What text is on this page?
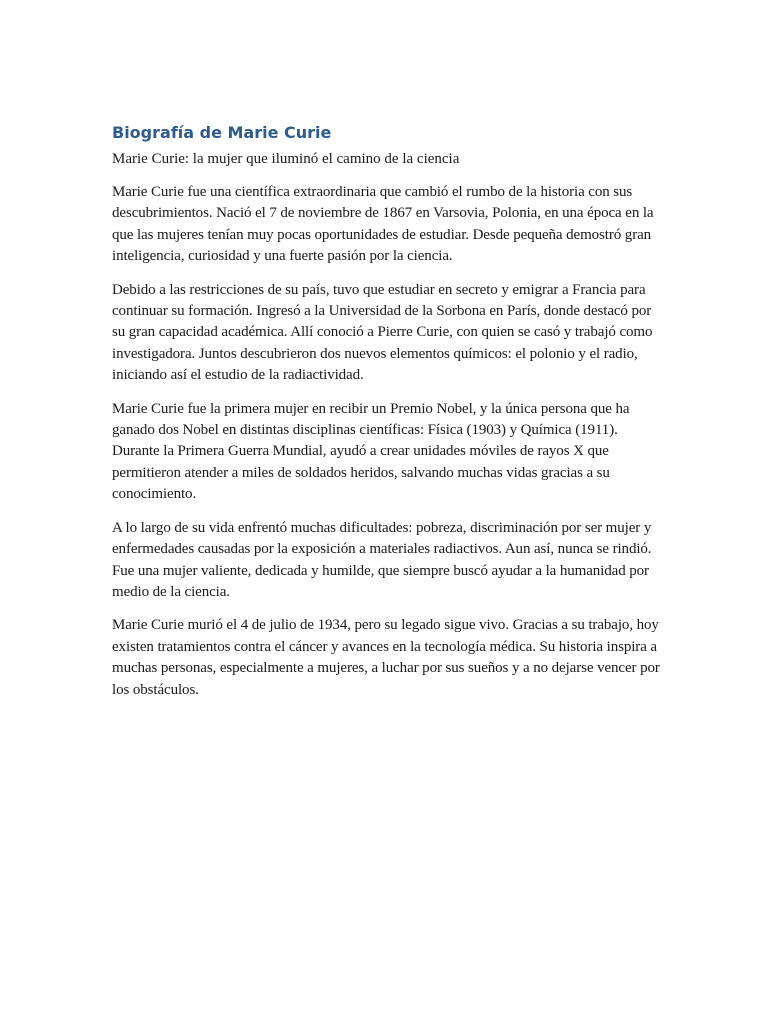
Biografía de Marie Curie

Marie Curie: la mujer que iluminó el camino de la ciencia

Marie Curie fue una científica extraordinaria que cambió el rumbo de la historia con sus descubrimientos. Nació el 7 de noviembre de 1867 en Varsovia, Polonia, en una época en la que las mujeres tenían muy pocas oportunidades de estudiar. Desde pequeña demostró gran inteligencia, curiosidad y una fuerte pasión por la ciencia.

Debido a las restricciones de su país, tuvo que estudiar en secreto y emigrar a Francia para continuar su formación. Ingresó a la Universidad de la Sorbona en París, donde destacó por su gran capacidad académica. Allí conoció a Pierre Curie, con quien se casó y trabajó como investigadora. Juntos descubrieron dos nuevos elementos químicos: el polonio y el radio, iniciando así el estudio de la radiactividad.

Marie Curie fue la primera mujer en recibir un Premio Nobel, y la única persona que ha ganado dos Nobel en distintas disciplinas científicas: Física (1903) y Química (1911). Durante la Primera Guerra Mundial, ayudó a crear unidades móviles de rayos X que permitieron atender a miles de soldados heridos, salvando muchas vidas gracias a su conocimiento.

A lo largo de su vida enfrentó muchas dificultades: pobreza, discriminación por ser mujer y enfermedades causadas por la exposición a materiales radiactivos. Aun así, nunca se rindió. Fue una mujer valiente, dedicada y humilde, que siempre buscó ayudar a la humanidad por medio de la ciencia.

Marie Curie murió el 4 de julio de 1934, pero su legado sigue vivo. Gracias a su trabajo, hoy existen tratamientos contra el cáncer y avances en la tecnología médica. Su historia inspira a muchas personas, especialmente a mujeres, a luchar por sus sueños y a no dejarse vencer por los obstáculos.
